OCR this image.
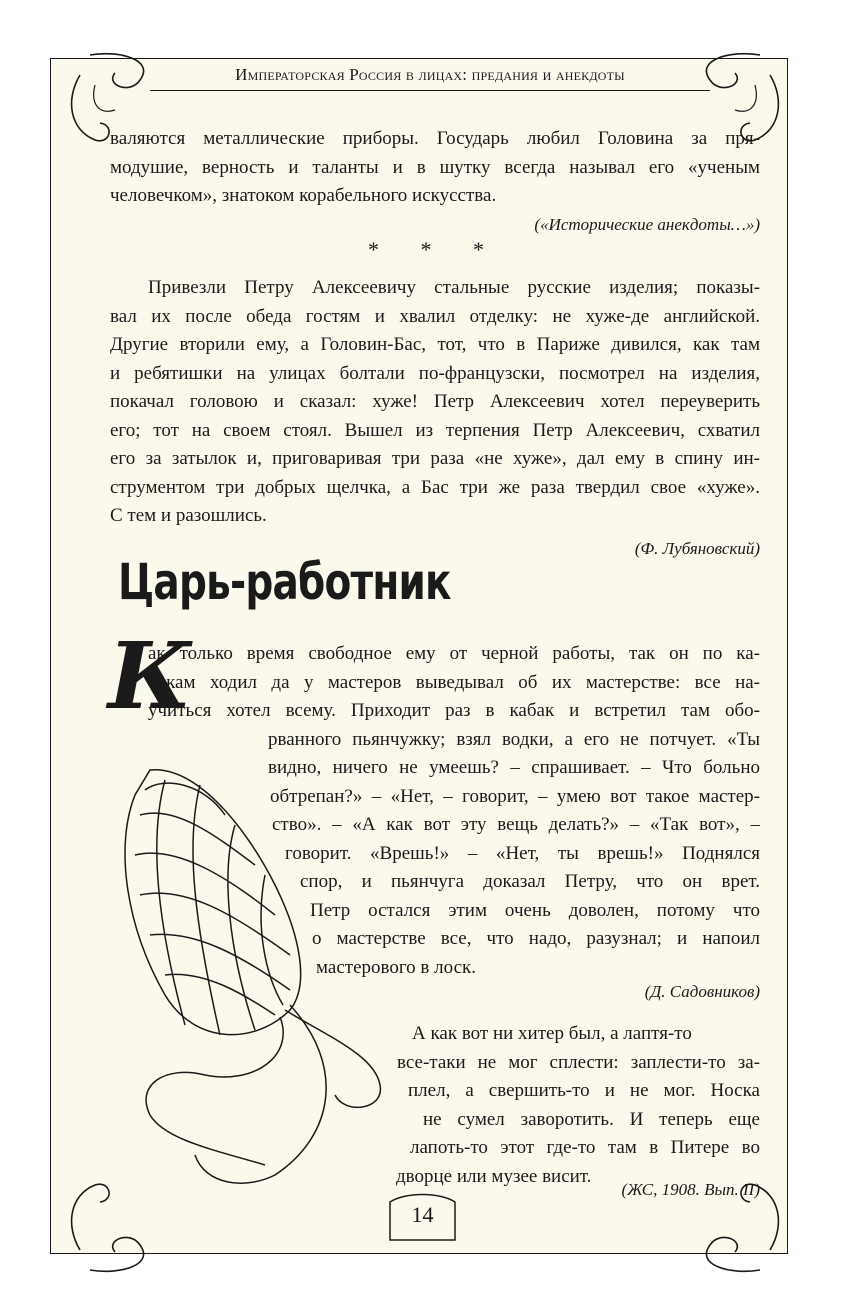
Императорская Россия в лицах: предания и анекдоты

валяются металлические приборы. Государь любил Головина за пря-

модушие, верность и таланты и в шутку всегда называл его «ученым

человечком», знатоком корабельного искусства.

(«Исторические анекдоты…»)

* * *

Привезли Петру Алексеевичу стальные русские изделия; показы-

вал их после обеда гостям и хвалил отделку: не хуже-де английской.

Другие вторили ему, а Головин-Бас, тот, что в Париже дивился, как там

и ребятишки на улицах болтали по-французски, посмотрел на изделия,

покачал головою и сказал: хуже! Петр Алексеевич хотел переуверить

его; тот на своем стоял. Вышел из терпения Петр Алексеевич, схватил

его за затылок и, приговаривая три раза «не хуже», дал ему в спину ин-

струментом три добрых щелчка, а Бас три же раза твердил свое «хуже».

С тем и разошлись.

(Ф. Лубяновский)

Царь-работник
К

ак только время свободное ему от черной работы, так он по ка-

бакам ходил да у мастеров выведывал об их мастерстве: все на-

учиться хотел всему. Приходит раз в кабак и встретил там обо-

рванного пьянчужку; взял водки, а его не потчует. «Ты

видно, ничего не умеешь? – спрашивает. – Что больно

обтрепан?» – «Нет, – говорит, – умею вот такое мастер-

ство». – «А как вот эту вещь делать?» – «Так вот», –

говорит. «Врешь!» – «Нет, ты врешь!» Поднялся

спор, и пьянчуга доказал Петру, что он врет.

Петр остался этим очень доволен, потому что

о мастерстве все, что надо, разузнал; и напоил

мастерового в лоск.

(Д. Садовников)

А как вот ни хитер был, а лаптя-то

все-таки не мог сплести: заплести-то за-

плел, а свершить-то и не мог. Носка

не сумел заворотить. И теперь еще

лапоть-то этот где-то там в Питере во

дворце или музее висит.

(ЖС, 1908. Вып. II)
14
